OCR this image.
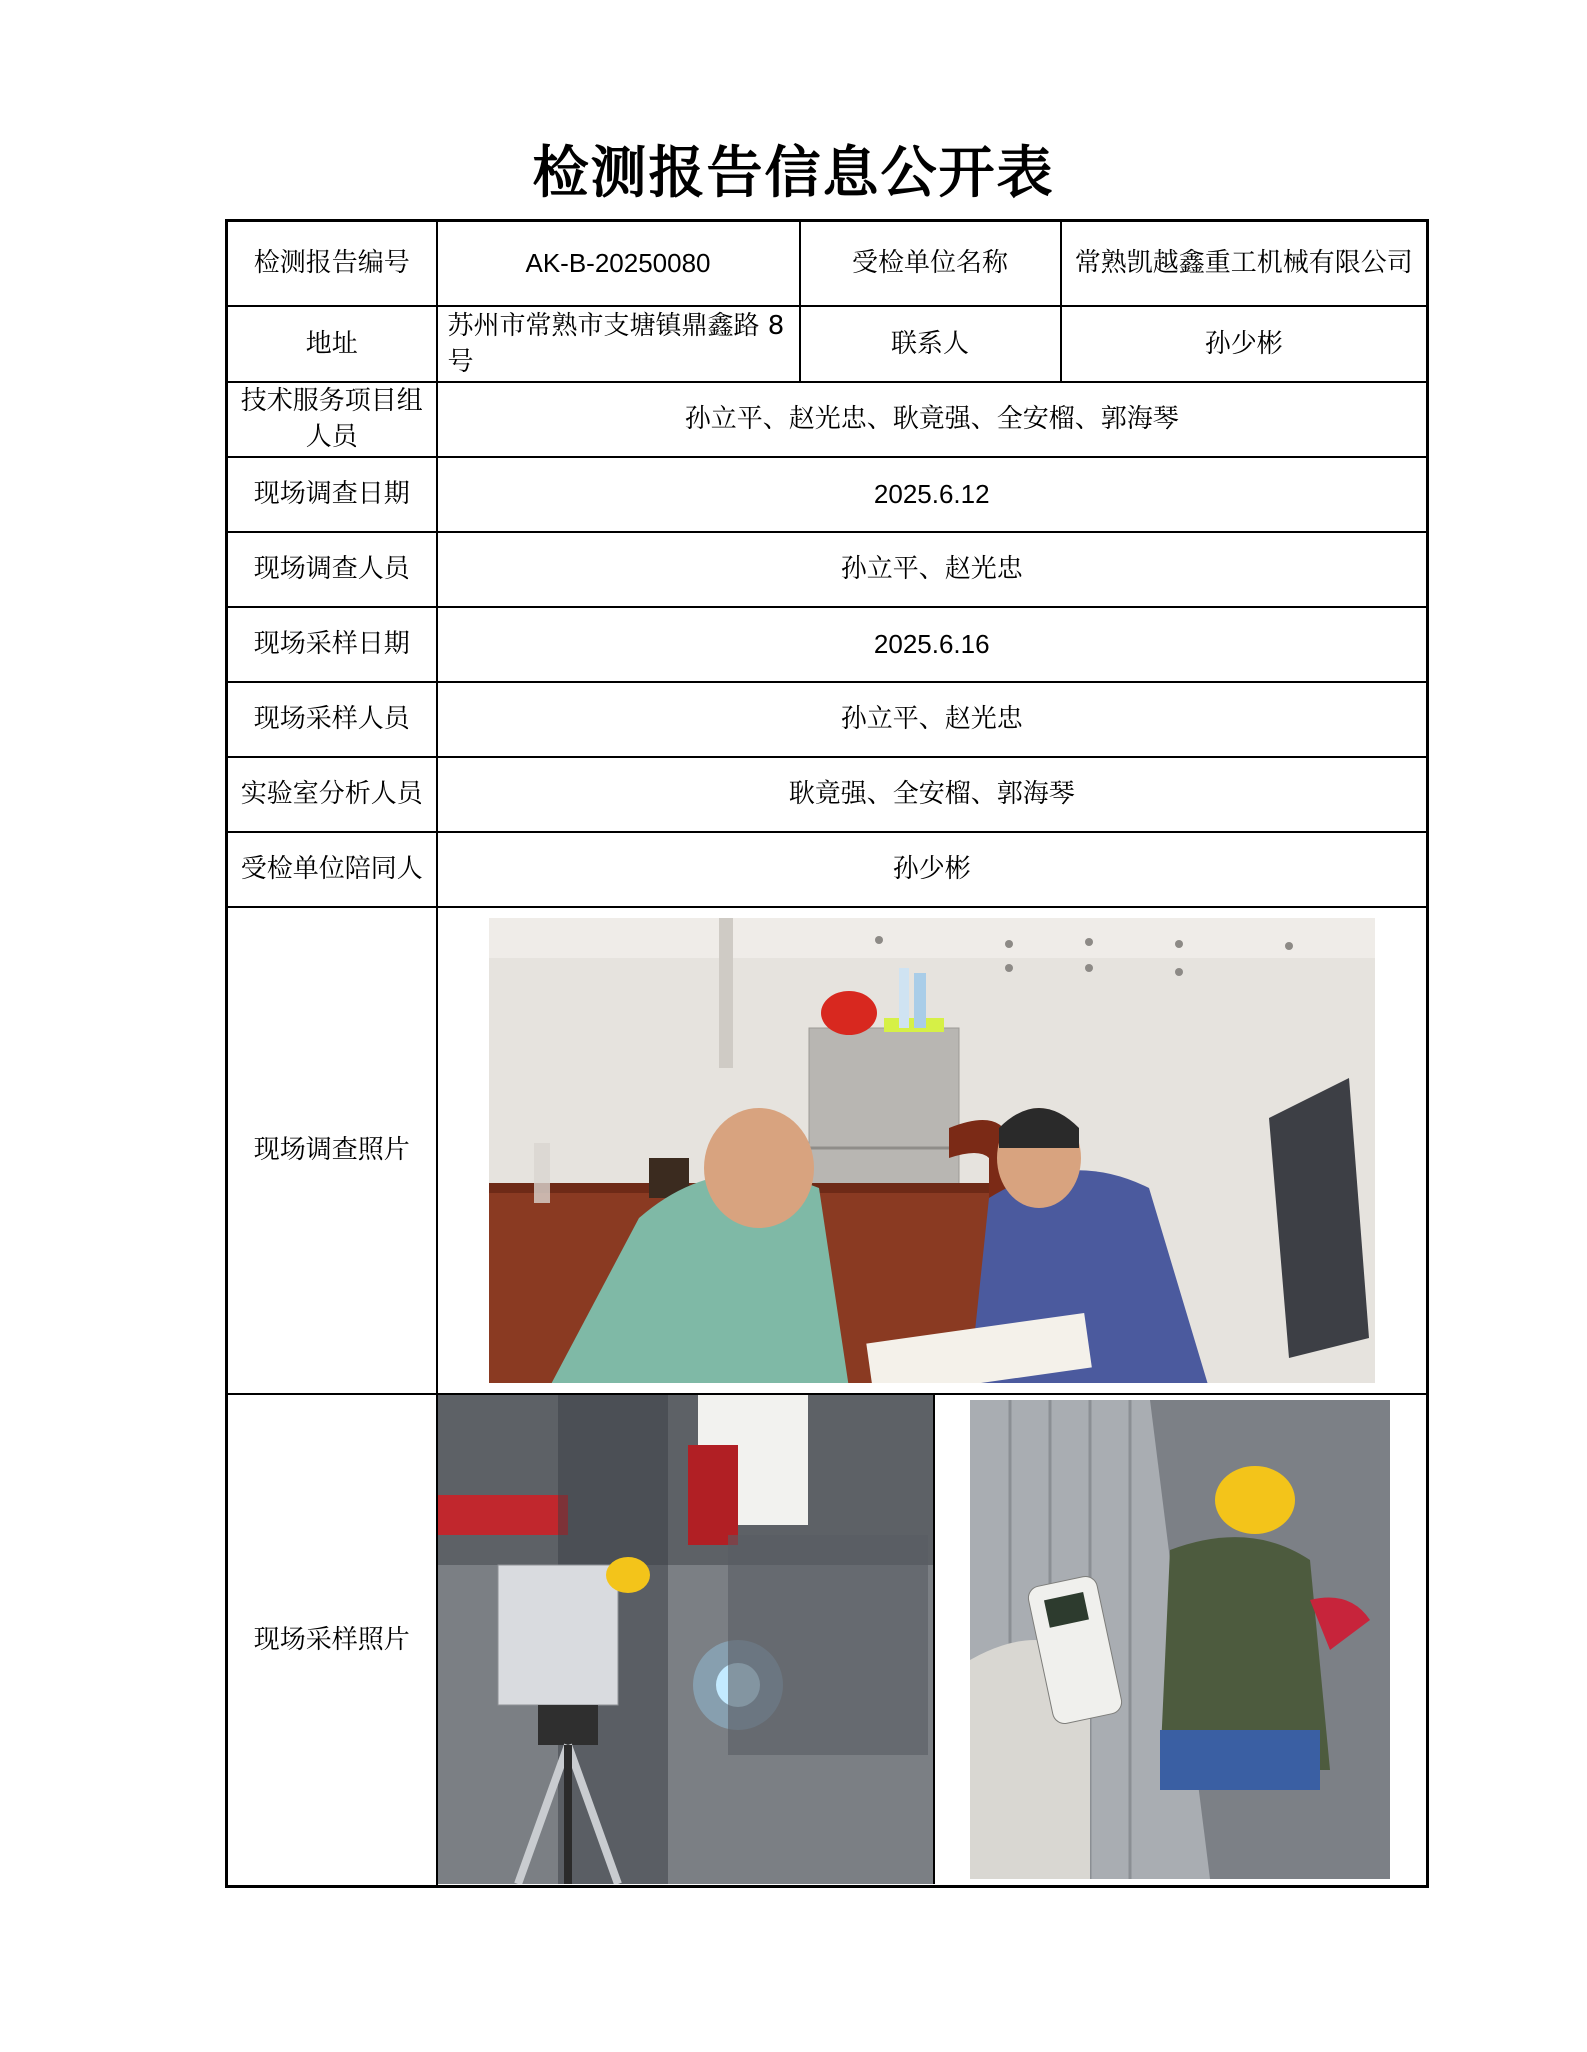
检测报告信息公开表
检测报告编号	AK-B-20250080	受检单位名称	常熟凯越鑫重工机械有限公司
地址	苏州市常熟市支塘镇鼎鑫路 8 号	联系人	孙少彬
技术服务项目组人员	孙立平、赵光忠、耿竟强、全安榴、郭海琴		
现场调查日期	2025.6.12		
现场调查人员	孙立平、赵光忠		
现场采样日期	2025.6.16		
现场采样人员	孙立平、赵光忠		
实验室分析人员	耿竟强、全安榴、郭海琴		
受检单位陪同人	孙少彬		
现场调查照片	

现场采样照片	
